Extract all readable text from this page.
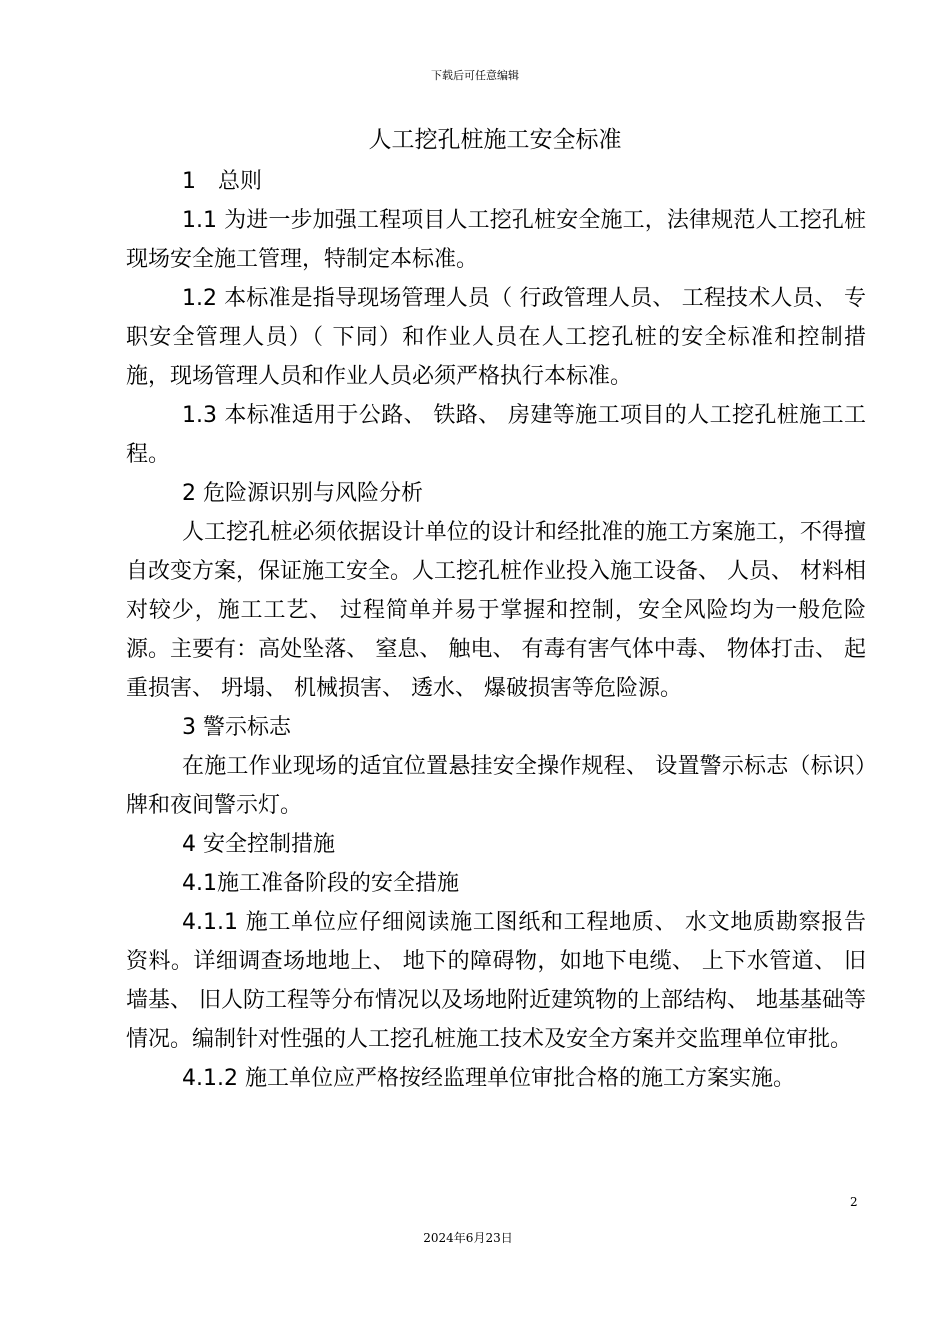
下载后可任意编辑
人工挖孔桩施工安全标准

1　总则

1.1 为进一步加强工程项目人工挖孔桩安全施工，法律规范人工挖孔桩现场安全施工管理，特制定本标准。

1.2 本标准是指导现场管理人员（ 行政管理人员、 工程技术人员、 专职安全管理人员）（ 下同）和作业人员在人工挖孔桩的安全标准和控制措施，现场管理人员和作业人员必须严格执行本标准。

1.3 本标准适用于公路、 铁路、 房建等施工项目的人工挖孔桩施工工程。

2 危险源识别与风险分析

人工挖孔桩必须依据设计单位的设计和经批准的施工方案施工，不得擅自改变方案，保证施工安全。人工挖孔桩作业投入施工设备、 人员、 材料相对较少，施工工艺、 过程简单并易于掌握和控制，安全风险均为一般危险源。主要有：高处坠落、 窒息、 触电、 有毒有害气体中毒、 物体打击、 起重损害、 坍塌、 机械损害、 透水、 爆破损害等危险源。

3 警示标志

在施工作业现场的适宜位置悬挂安全操作规程、 设置警示标志（标识）牌和夜间警示灯。

4 安全控制措施

4.1施工准备阶段的安全措施

4.1.1 施工单位应仔细阅读施工图纸和工程地质、 水文地质勘察报告资料。详细调查场地地上、 地下的障碍物，如地下电缆、 上下水管道、 旧墙基、 旧人防工程等分布情况以及场地附近建筑物的上部结构、 地基基础等情况。编制针对性强的人工挖孔桩施工技术及安全方案并交监理单位审批。

4.1.2 施工单位应严格按经监理单位审批合格的施工方案实施。

2
2024年6月23日
